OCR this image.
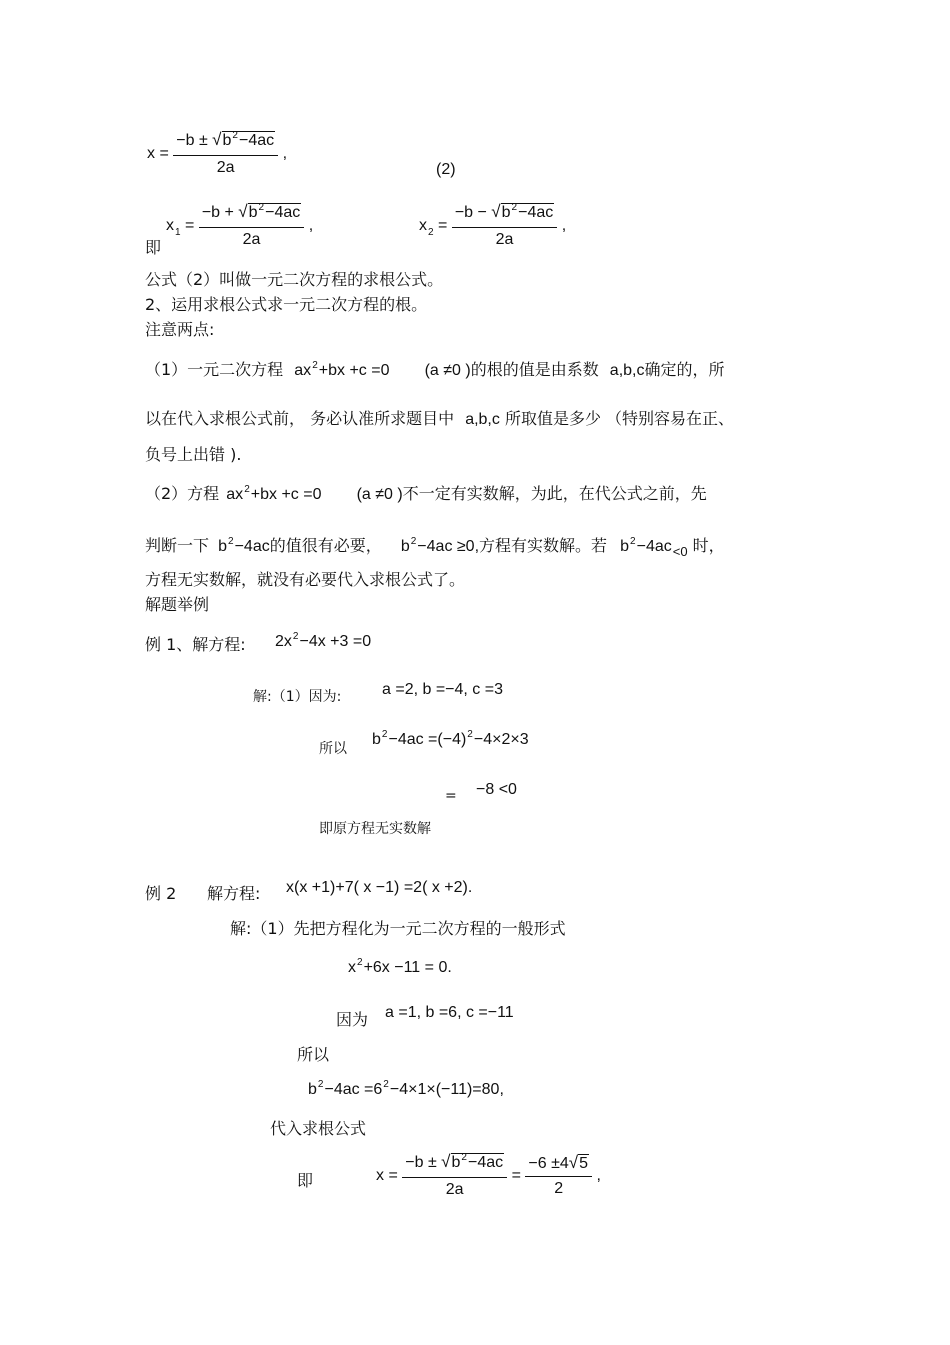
$x = \frac{-b \pm √b^2-4ac}{2a}$ ,
(2)
即
$x_1 = \frac{-b + √b^2-4ac}{2a}$ ,	$x_2 = \frac{-b - √b^2-4ac}{2a}$ ,
公式（2）叫做一元二次方程的求根公式。
2、运用求根公式求一元二次方程的根。
注意两点:
（1）一元二次方程 $ax^2+bx +c =0$ (a ≠0 )的根的值是由系数 a,b,c确定的，所
以在代入求根公式前， 务必认准所求题目中 a,b,c 所取值是多少 （特别容易在正、
负号上出错 ).
（2）方程 $ax^2+bx +c =0$ (a ≠0 )不一定有实数解，为此，在代公式之前，先
判断一下 $b^2-4ac$的值很有必要， $b^2-4ac \ge 0$,方程有实数解。若 $b^2-4ac_{<0}$ 时，
方程无实数解，就没有必要代入求根公式了。
解题举例
例 1、解方程: $2x^2-4x +3 =0$
解:（1）因为:	a =2, b =−4, c =3
所以
$b^2-4ac =(-4)^2-4\times 2\times 3$
= −8 <0
即原方程无实数解
例 2 解方程: x(x +1)+7( x −1) =2( x +2).
解:（1）先把方程化为一元二次方程的一般形式
$x^2+6x -11 = 0$.
因为 a =1, b =6, c =−11
所以
$b^2-4ac =6^2-4\times 1\times(-11)=80$,
代入求根公式
即	$x = \frac{-b \pm √b^2-4ac}{2a} = \frac{-6 \pm 4√5}{2}$ ,
